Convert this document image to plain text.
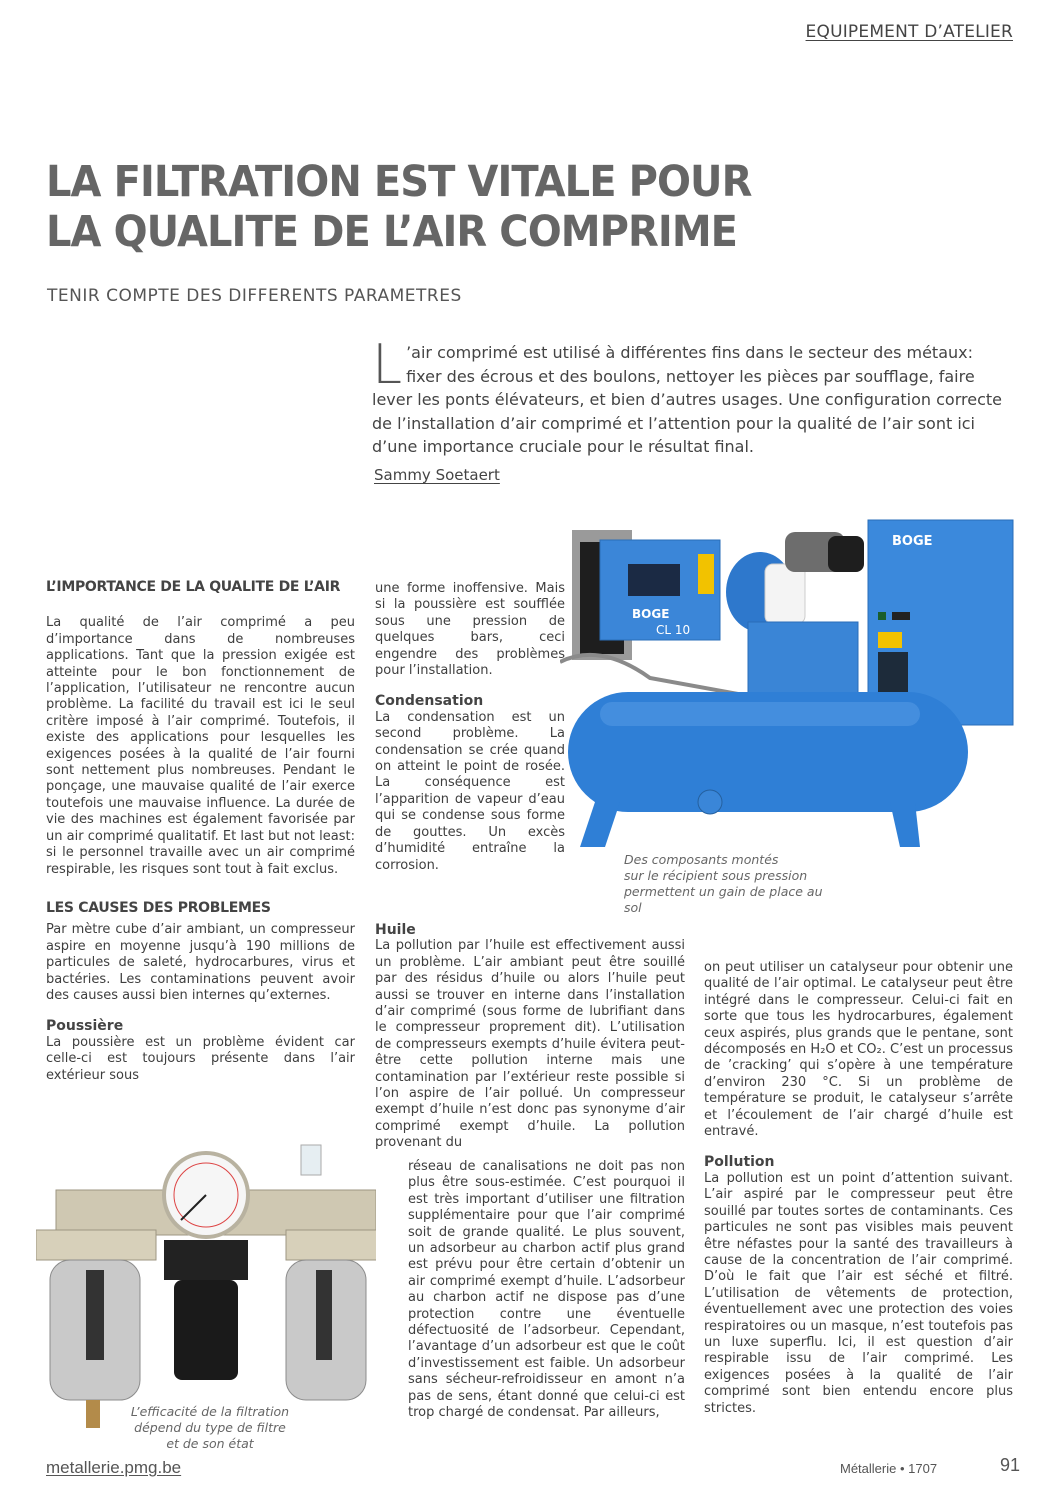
EQUIPEMENT D’ATELIER
LA FILTRATION EST VITALE POUR
LA QUALITE DE L’AIR COMPRIME
TENIR COMPTE DES DIFFERENTS PARAMETRES
L ’air comprimé est utilisé à différentes fins dans le secteur des métaux: fixer des écrous et des boulons, nettoyer les pièces par soufflage, faire lever les ponts élévateurs, et bien d’autres usages. Une configuration correcte de l’installation d’air comprimé et l’attention pour la qualité de l’air sont ici d’une importance cruciale pour le résultat final.
Sammy Soetaert

L’IMPORTANCE DE LA QUALITE DE L’AIR

La qualité de l’air comprimé a peu d’importance dans de nombreuses applications. Tant que la pression exigée est atteinte pour le bon fonctionnement de l’application, l’utilisateur ne rencontre aucun problème. La facilité du travail est ici le seul critère imposé à l’air comprimé. Toutefois, il existe des applications pour lesquelles les exigences posées à la qualité de l’air fourni sont nettement plus nombreuses. Pendant le ponçage, une mauvaise qualité de l’air exerce toutefois une mauvaise influence. La durée de vie des machines est également favorisée par un air comprimé qualitatif. Et last but not least: si le personnel travaille avec un air comprimé respirable, les risques sont tout à fait exclus.

LES CAUSES DES PROBLEMES

Par mètre cube d’air ambiant, un compresseur aspire en moyenne jusqu’à 190 millions de particules de saleté, hydrocarbures, virus et bactéries. Les contaminations peuvent avoir des causes aussi bien internes qu’externes.

Poussière

La poussière est un problème évident car celle-ci est toujours présente dans l’air extérieur sous

une forme inoffensive. Mais si la poussière est soufflée sous une pression de quelques bars, ceci engendre des problèmes pour l’installation.

Condensation

La condensation est un second problème. La condensation se crée quand on atteint le point de rosée. La conséquence est l’apparition de vapeur d’eau qui se condense sous forme de gouttes. Un excès d’humidité entraîne la corrosion.

Huile

La pollution par l’huile est effectivement aussi un problème. L’air ambiant peut être souillé par des résidus d’huile ou alors l’huile peut aussi se trouver en interne dans l’installation d’air comprimé (sous forme de lubrifiant dans le compresseur proprement dit). L’utilisation de compresseurs exempts d’huile évitera peut-être cette pollution interne mais une contamination par l’extérieur reste possible si l’on aspire de l’air pollué. Un compresseur exempt d’huile n’est donc pas synonyme d’air comprimé exempt d’huile. La pollution provenant du

réseau de canalisations ne doit pas non plus être sous-estimée. C’est pourquoi il est très important d’utiliser une filtration supplémentaire pour que l’air comprimé soit de grande qualité. Le plus souvent, un adsorbeur au charbon actif plus grand est prévu pour être certain d’obtenir un air comprimé exempt d’huile. L’adsorbeur au charbon actif ne dispose pas d’une protection contre une éventuelle défectuosité de l’adsorbeur. Cependant, l’avantage d’un adsorbeur est que le coût d’investissement est faible. Un adsorbeur sans sécheur-refroidisseur en amont n’a pas de sens, étant donné que celui-ci est trop chargé de condensat. Par ailleurs,

on peut utiliser un catalyseur pour obtenir une qualité de l’air optimal. Le catalyseur peut être intégré dans le compresseur. Celui-ci fait en sorte que tous les hydrocarbures, également ceux aspirés, plus grands que le pentane, sont décomposés en H₂O et CO₂. C’est un processus de ’cracking’ qui s’opère à une température d’environ 230 °C. Si un problème de température se produit, le catalyseur s’arrête et l’écoulement de l’air chargé d’huile est entravé.

Pollution

La pollution est un point d’attention suivant. L’air aspiré par le compresseur peut être souillé par toutes sortes de contaminants. Ces particules ne sont pas visibles mais peuvent être néfastes pour la santé des travailleurs à cause de la concentration de l’air comprimé. D’où le fait que l’air est séché et filtré. L’utilisation de vêtements de protection, éventuellement avec une protection des voies respiratoires ou un masque, n’est toutefois pas un luxe superflu. Ici, il est question d’air respirable issu de l’air comprimé. Les exigences posées à la qualité de l’air comprimé sont bien entendu encore plus strictes.

BOGE
CL 10
BOGE
Des composants montés
sur le récipient sous pression
permettent un gain de place au sol
L’efficacité de la filtration
dépend du type de filtre
et de son état
metallerie.pmg.be	Métallerie • 1707	91
